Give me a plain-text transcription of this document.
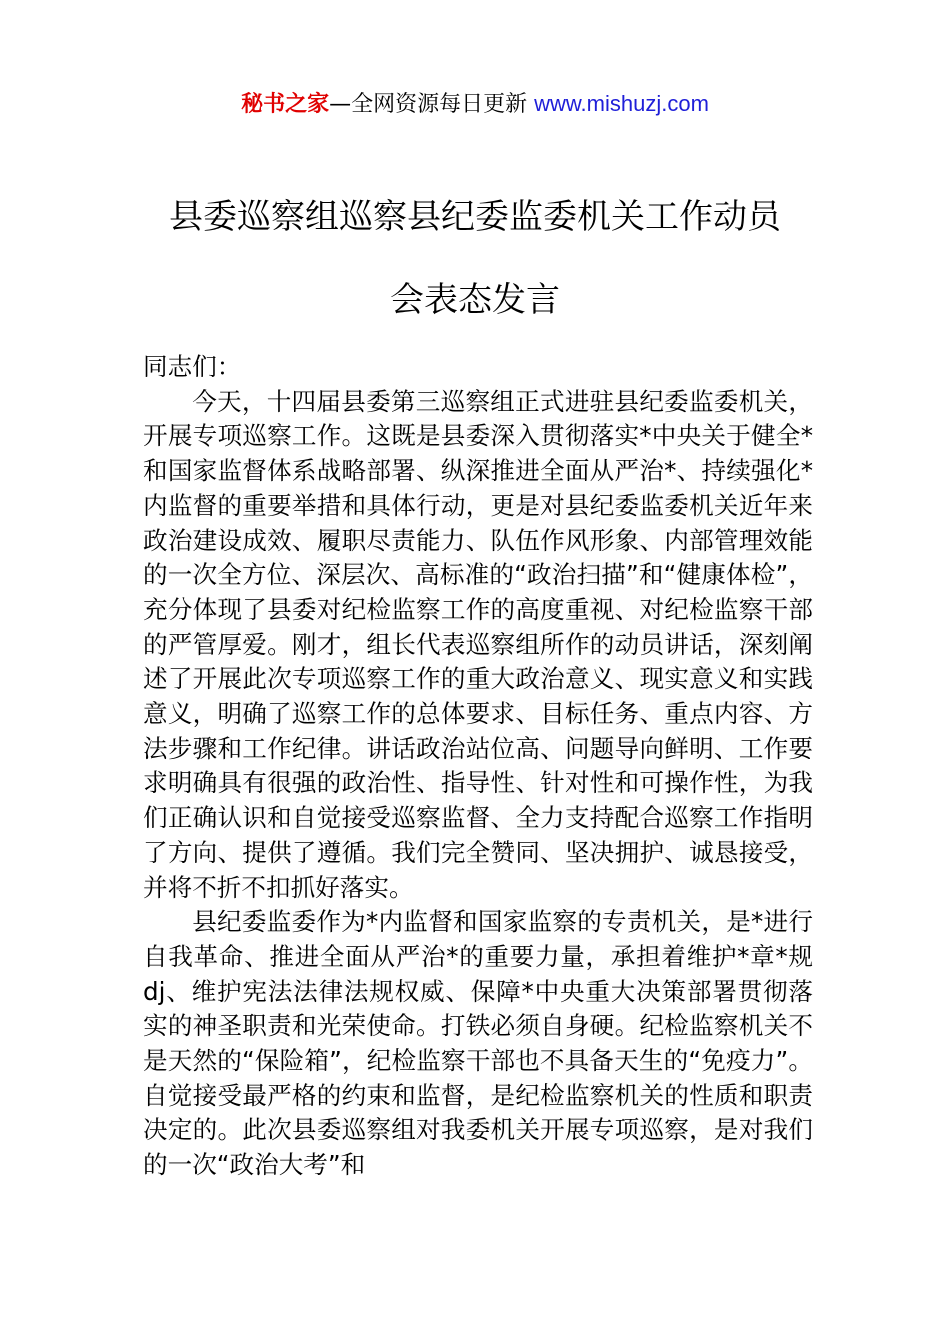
秘书之家—全网资源每日更新 www.mishuzj.com
县委巡察组巡察县纪委监委机关工作动员
会表态发言

同志们：

今天，十四届县委第三巡察组正式进驻县纪委监委机关，开展专项巡察工作。这既是县委深入贯彻落实*中央关于健全*和国家监督体系战略部署、纵深推进全面从严治*、持续强化*内监督的重要举措和具体行动，更是对县纪委监委机关近年来政治建设成效、履职尽责能力、队伍作风形象、内部管理效能的一次全方位、深层次、高标准的“政治扫描”和“健康体检”，充分体现了县委对纪检监察工作的高度重视、对纪检监察干部的严管厚爱。刚才，组长代表巡察组所作的动员讲话，深刻阐述了开展此次专项巡察工作的重大政治意义、现实意义和实践意义，明确了巡察工作的总体要求、目标任务、重点内容、方法步骤和工作纪律。讲话政治站位高、问题导向鲜明、工作要求明确具有很强的政治性、指导性、针对性和可操作性，为我们正确认识和自觉接受巡察监督、全力支持配合巡察工作指明了方向、提供了遵循。我们完全赞同、坚决拥护、诚恳接受，并将不折不扣抓好落实。

县纪委监委作为*内监督和国家监察的专责机关，是*进行自我革命、推进全面从严治*的重要力量，承担着维护*章*规dj、维护宪法法律法规权威、保障*中央重大决策部署贯彻落实的神圣职责和光荣使命。打铁必须自身硬。纪检监察机关不是天然的“保险箱”，纪检监察干部也不具备天生的“免疫力”。自觉接受最严格的约束和监督，是纪检监察机关的性质和职责决定的。此次县委巡察组对我委机关开展专项巡察，是对我们的一次“政治大考”和
